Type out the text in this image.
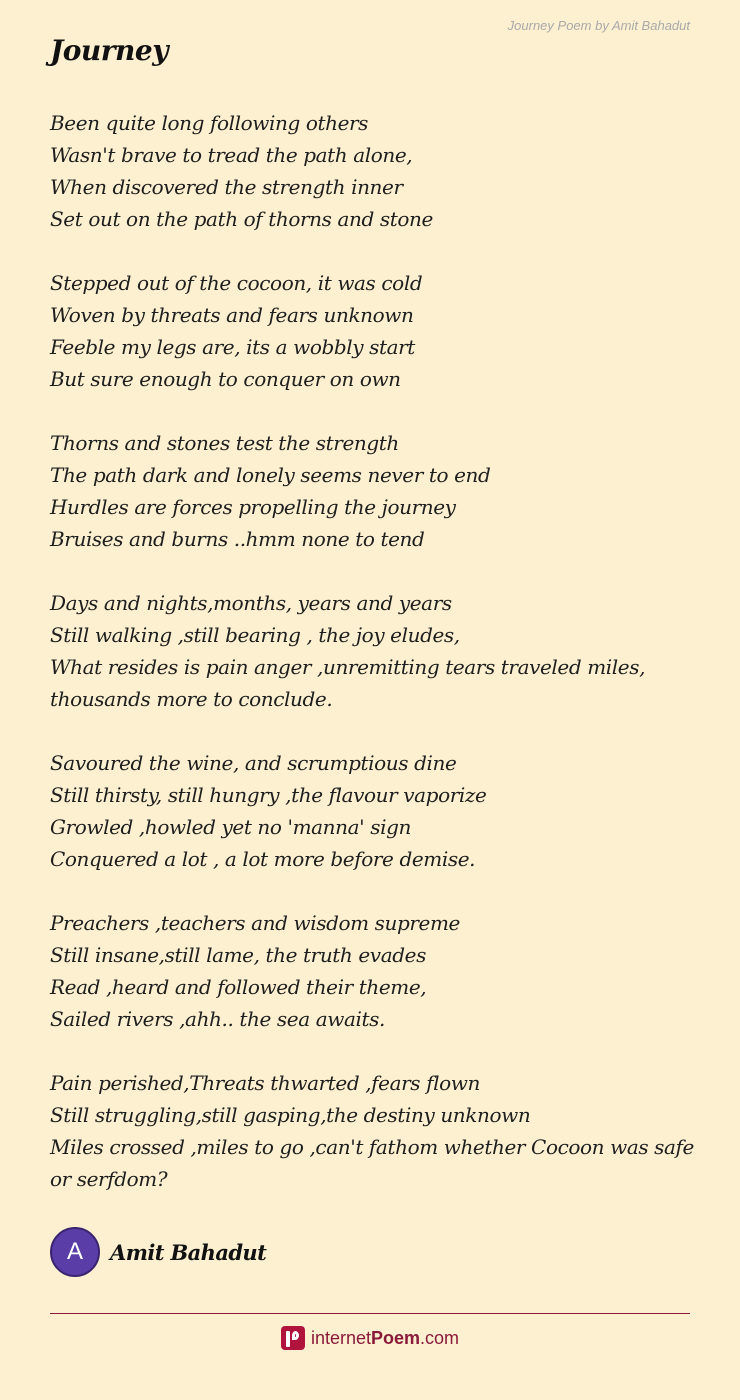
Journey Poem by Amit Bahadut
Journey
Been quite long following others
Wasn't brave to tread the path alone,
When discovered the strength inner
Set out on the path of thorns and stone
Stepped out of the cocoon, it was cold
Woven by threats and fears unknown
Feeble my legs are, its a wobbly start
But sure enough to conquer on own
Thorns and stones test the strength
The path dark and lonely seems never to end
Hurdles are forces propelling the journey
Bruises and burns ..hmm none to tend
Days and nights,months, years and years
Still walking ,still bearing , the joy eludes,
What resides is pain anger ,unremitting tears traveled miles,
thousands more to conclude.
Savoured the wine, and scrumptious dine
Still thirsty, still hungry ,the flavour vaporize
Growled ,howled yet no 'manna' sign
Conquered a lot , a lot more before demise.
Preachers ,teachers and wisdom supreme
Still insane,still lame, the truth evades
Read ,heard and followed their theme,
Sailed rivers ,ahh.. the sea awaits.
Pain perished,Threats thwarted ,fears flown
Still struggling,still gasping,the destiny unknown
Miles crossed ,miles to go ,can't fathom whether Cocoon was safe or serfdom?
A Amit Bahadut
internetPoem.com
